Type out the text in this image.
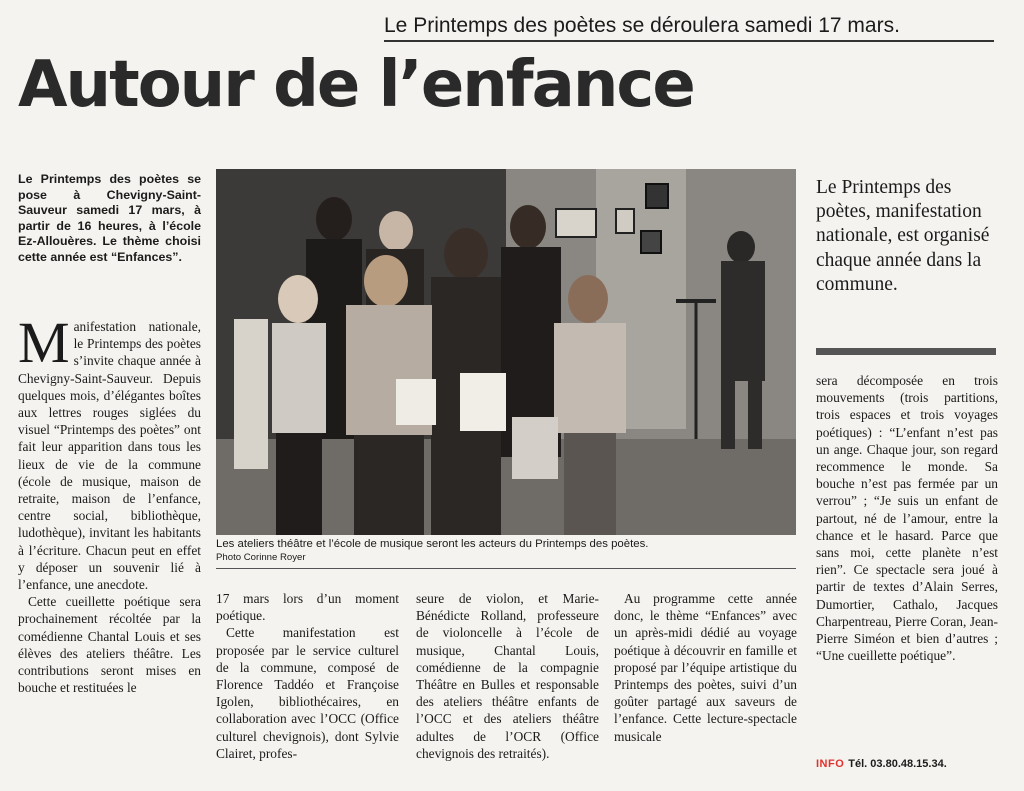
Le Printemps des poètes se déroulera samedi 17 mars.
Autour de l’enfance

Le Printemps des poètes se pose à Chevigny-Saint-Sauveur samedi 17 mars, à partir de 16 heures, à l’école Ez-Allouères. Le thème choisi cette année est “Enfances”.

Manifestation nationale, le Printemps des poètes s’invite chaque année à Chevigny-Saint-Sauveur. Depuis quelques mois, d’élégantes boîtes aux lettres rouges siglées du visuel “Printemps des poètes” ont fait leur apparition dans tous les lieux de vie de la commune (école de musique, maison de retraite, maison de l’enfance, centre social, bibliothèque, ludothèque), invitant les habitants à l’écriture. Chacun peut en effet y déposer un souvenir lié à l’enfance, une anecdote.

Cette cueillette poétique sera prochainement récoltée par la comédienne Chantal Louis et ses élèves des ateliers théâtre. Les contributions seront mises en bouche et restituées le

Les ateliers théâtre et l’école de musique seront les acteurs du Printemps des poètes.
Photo Corinne Royer

17 mars lors d’un moment poétique.

Cette manifestation est proposée par le service culturel de la commune, composé de Florence Taddéo et Françoise Igolen, bibliothécaires, en collaboration avec l’OCC (Office culturel chevignois), dont Sylvie Clairet, profes-

seure de violon, et Marie-Bénédicte Rolland, professeure de violoncelle à l’école de musique, Chantal Louis, comédienne de la compagnie Théâtre en Bulles et responsable des ateliers théâtre enfants de l’OCC et des ateliers théâtre adultes de l’OCR (Office chevignois des retraités).

Au programme cette année donc, le thème “Enfances” avec un après-midi dédié au voyage poétique à découvrir en famille et proposé par l’équipe artistique du Printemps des poètes, suivi d’un goûter partagé aux saveurs de l’enfance. Cette lecture-spectacle musicale

Le Printemps des poètes, manifestation nationale, est organisé chaque année dans la commune.

sera décomposée en trois mouvements (trois partitions, trois espaces et trois voyages poétiques) : “L’enfant n’est pas un ange. Chaque jour, son regard recommence le monde. Sa bouche n’est pas fermée par un verrou” ; “Je suis un enfant de partout, né de l’amour, entre la chance et le hasard. Parce que sans moi, cette planète n’est rien”. Ce spectacle sera joué à partir de textes d’Alain Serres, Dumortier, Cathalo, Jacques Charpentreau, Pierre Coran, Jean-Pierre Siméon et bien d’autres ; “Une cueillette poétique”.

INFO Tél. 03.80.48.15.34.
